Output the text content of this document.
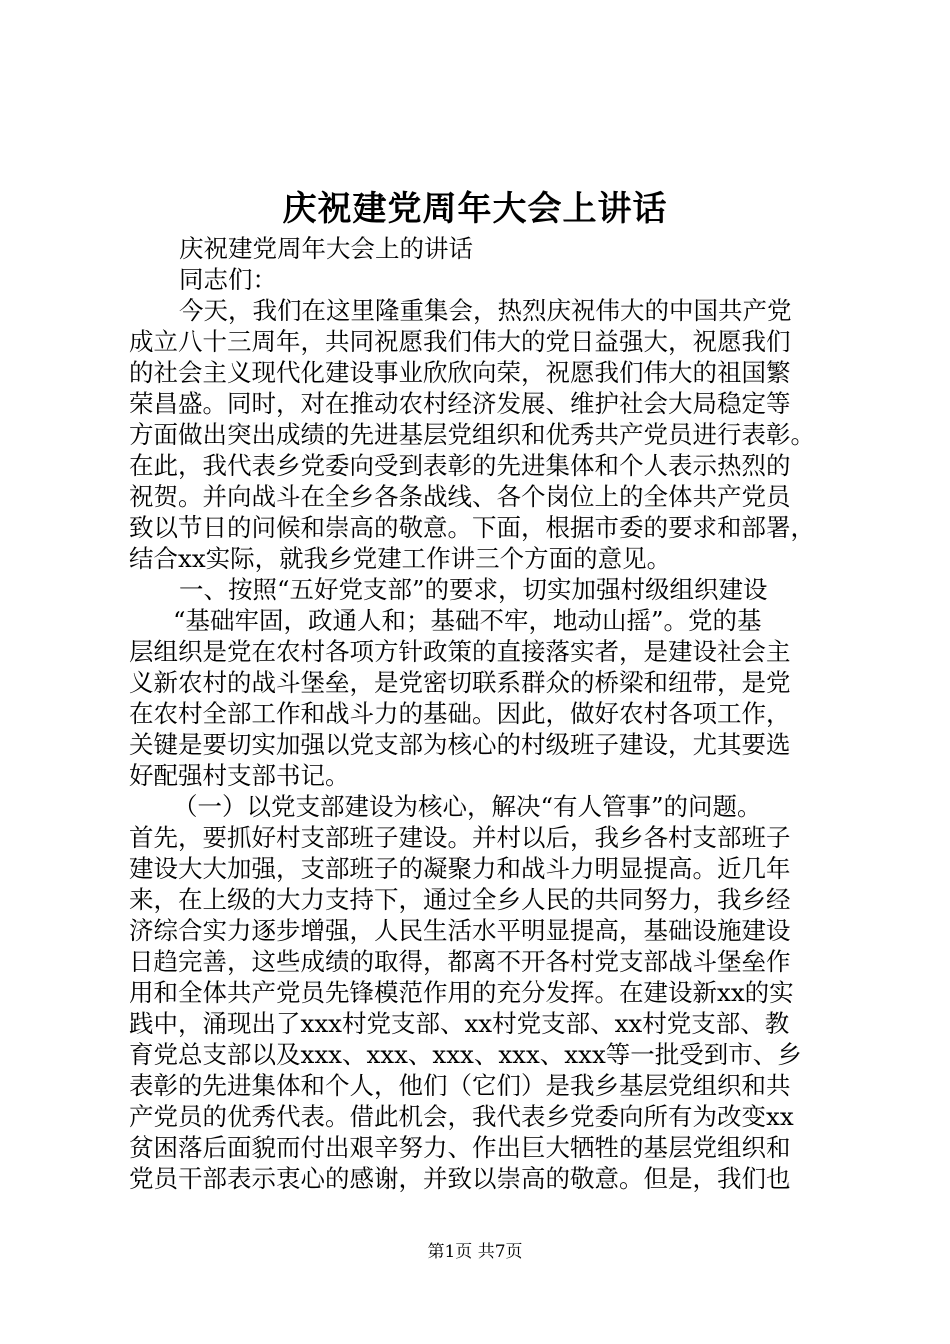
庆祝建党周年大会上讲话
庆祝建党周年大会上的讲话
同志们：
今天，我们在这里隆重集会，热烈庆祝伟大的中国共产党
成立八十三周年，共同祝愿我们伟大的党日益强大，祝愿我们
的社会主义现代化建设事业欣欣向荣，祝愿我们伟大的祖国繁
荣昌盛。同时，对在推动农村经济发展、维护社会大局稳定等
方面做出突出成绩的先进基层党组织和优秀共产党员进行表彰。
在此，我代表乡党委向受到表彰的先进集体和个人表示热烈的
祝贺。并向战斗在全乡各条战线、各个岗位上的全体共产党员
致以节日的问候和崇高的敬意。下面，根据市委的要求和部署，
结合xx实际，就我乡党建工作讲三个方面的意见。
一、按照“五好党支部”的要求，切实加强村级组织建设
“基础牢固，政通人和；基础不牢，地动山摇”。党的基
层组织是党在农村各项方针政策的直接落实者，是建设社会主
义新农村的战斗堡垒，是党密切联系群众的桥梁和纽带，是党
在农村全部工作和战斗力的基础。因此，做好农村各项工作，
关键是要切实加强以党支部为核心的村级班子建设，尤其要选
好配强村支部书记。
（一）以党支部建设为核心，解决“有人管事”的问题。
首先，要抓好村支部班子建设。并村以后，我乡各村支部班子
建设大大加强，支部班子的凝聚力和战斗力明显提高。近几年
来，在上级的大力支持下，通过全乡人民的共同努力，我乡经
济综合实力逐步增强，人民生活水平明显提高，基础设施建设
日趋完善，这些成绩的取得，都离不开各村党支部战斗堡垒作
用和全体共产党员先锋模范作用的充分发挥。在建设新xx的实
践中，涌现出了xxx村党支部、xx村党支部、xx村党支部、教
育党总支部以及xxx、xxx、xxx、xxx、xxx等一批受到市、乡
表彰的先进集体和个人，他们（它们）是我乡基层党组织和共
产党员的优秀代表。借此机会，我代表乡党委向所有为改变xx
贫困落后面貌而付出艰辛努力、作出巨大牺牲的基层党组织和
党员干部表示衷心的感谢，并致以崇高的敬意。但是，我们也
第1页 共7页
